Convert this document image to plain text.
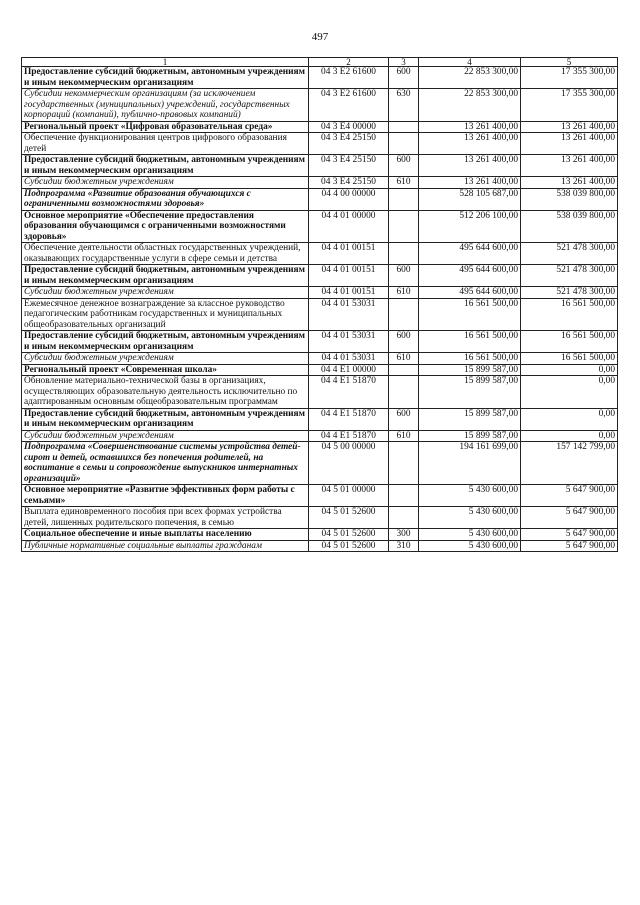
497
1	2	3	4	5
Предоставление субсидий бюджетным, автономным учреждениям и иным некоммерческим организациям	04 3 E2 61600	600	22 853 300,00	17 355 300,00
Субсидии некоммерческим организациям (за исключением государственных (муниципальных) учреждений, государственных корпораций (компаний), публично-правовых компаний)	04 3 E2 61600	630	22 853 300,00	17 355 300,00
Региональный проект «Цифровая образовательная среда»	04 3 E4 00000		13 261 400,00	13 261 400,00
Обеспечение функционирования центров цифрового образования детей	04 3 E4 25150		13 261 400,00	13 261 400,00
Предоставление субсидий бюджетным, автономным учреждениям и иным некоммерческим организациям	04 3 E4 25150	600	13 261 400,00	13 261 400,00
Субсидии бюджетным учреждениям	04 3 E4 25150	610	13 261 400,00	13 261 400,00
Подпрограмма «Развитие образования обучающихся с ограниченными возможностями здоровья»	04 4 00 00000		528 105 687,00	538 039 800,00
Основное мероприятие «Обеспечение предоставления образования обучающимся с ограниченными возможностями здоровья»	04 4 01 00000		512 206 100,00	538 039 800,00
Обеспечение деятельности областных государственных учреждений, оказывающих государственные услуги в сфере семьи и детства	04 4 01 00151		495 644 600,00	521 478 300,00
Предоставление субсидий бюджетным, автономным учреждениям и иным некоммерческим организациям	04 4 01 00151	600	495 644 600,00	521 478 300,00
Субсидии бюджетным учреждениям	04 4 01 00151	610	495 644 600,00	521 478 300,00
Ежемесячное денежное вознаграждение за классное руководство педагогическим работникам государственных и муниципальных общеобразовательных организаций	04 4 01 53031		16 561 500,00	16 561 500,00
Предоставление субсидий бюджетным, автономным учреждениям и иным некоммерческим организациям	04 4 01 53031	600	16 561 500,00	16 561 500,00
Субсидии бюджетным учреждениям	04 4 01 53031	610	16 561 500,00	16 561 500,00
Региональный проект «Современная школа»	04 4 E1 00000		15 899 587,00	0,00
Обновление материально-технической базы в организациях, осуществляющих образовательную деятельность исключительно по адаптированным основным общеобразовательным программам	04 4 E1 51870		15 899 587,00	0,00
Предоставление субсидий бюджетным, автономным учреждениям и иным некоммерческим организациям	04 4 E1 51870	600	15 899 587,00	0,00
Субсидии бюджетным учреждениям	04 4 E1 51870	610	15 899 587,00	0,00
Подпрограмма «Совершенствование системы устройства детей-сирот и детей, оставшихся без попечения родителей, на воспитание в семьи и сопровождение выпускников интернатных организаций»	04 5 00 00000		194 161 699,00	157 142 799,00
Основное мероприятие «Развитие эффективных форм работы с семьями»	04 5 01 00000		5 430 600,00	5 647 900,00
Выплата единовременного пособия при всех формах устройства детей, лишенных родительского попечения, в семью	04 5 01 52600		5 430 600,00	5 647 900,00
Социальное обеспечение и иные выплаты населению	04 5 01 52600	300	5 430 600,00	5 647 900,00
Публичные нормативные социальные выплаты гражданам	04 5 01 52600	310	5 430 600,00	5 647 900,00
